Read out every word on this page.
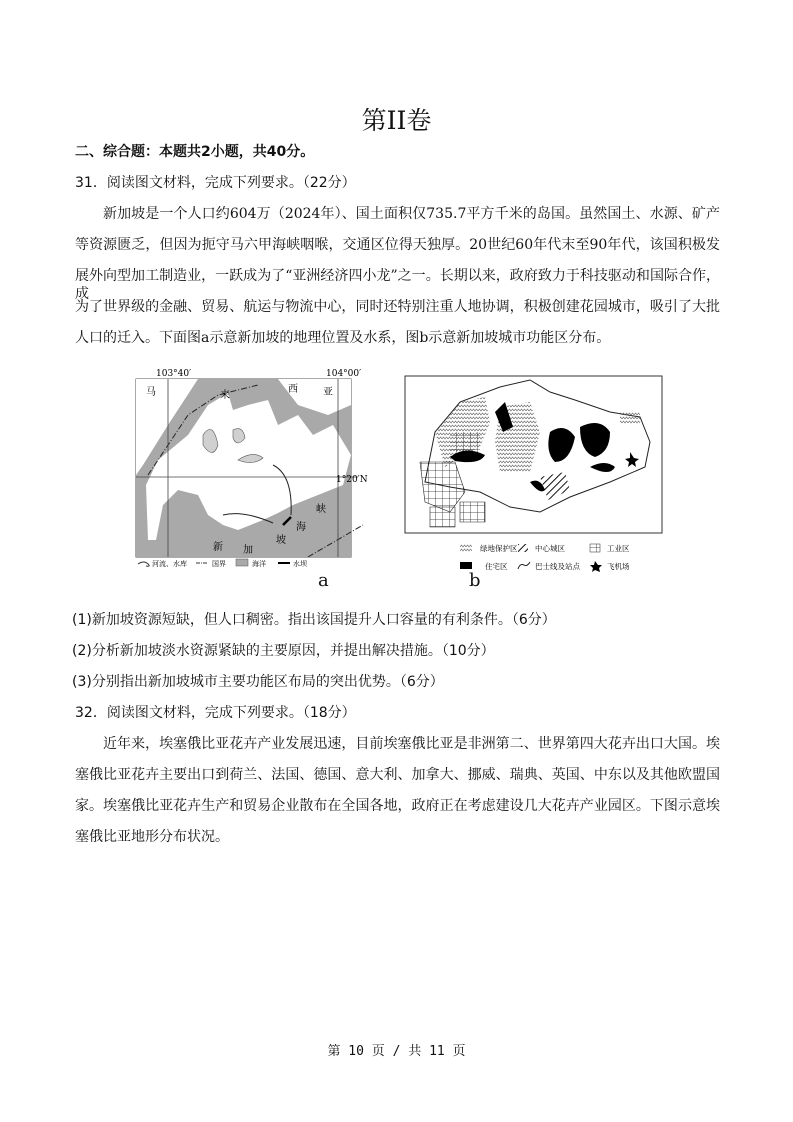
第II卷
二、综合题：本题共2小题，共40分。
31．阅读图文材料，完成下列要求。（22分）
新加坡是一个人口约604万（2024年）、国土面积仅735.7平方千米的岛国。虽然国土、水源、矿产
等资源匮乏，但因为扼守马六甲海峡咽喉，交通区位得天独厚。20世纪60年代末至90年代，该国积极发
展外向型加工制造业，一跃成为了“亚洲经济四小龙”之一。长期以来，政府致力于科技驱动和国际合作，成
为了世界级的金融、贸易、航运与物流中心，同时还特别注重人地协调，积极创建花园城市，吸引了大批
人口的迁入。下面图a示意新加坡的地理位置及水系，图b示意新加坡城市功能区分布。
103°40′	104°00′
1°20′N
马	来
西	亚
新 加
坡
海
峡
河流、水库	国界	海洋	水坝
a
绿地保护区 中心城区	工业区
住宅区	巴士线及站点	飞机场
b
(1)新加坡资源短缺，但人口稠密。指出该国提升人口容量的有利条件。（6分）
(2)分析新加坡淡水资源紧缺的主要原因，并提出解决措施。（10分）
(3)分别指出新加坡城市主要功能区布局的突出优势。（6分）
32．阅读图文材料，完成下列要求。（18分）
近年来，埃塞俄比亚花卉产业发展迅速，目前埃塞俄比亚是非洲第二、世界第四大花卉出口大国。埃
塞俄比亚花卉主要出口到荷兰、法国、德国、意大利、加拿大、挪威、瑞典、英国、中东以及其他欧盟国
家。埃塞俄比亚花卉生产和贸易企业散布在全国各地，政府正在考虑建设几大花卉产业园区。下图示意埃
塞俄比亚地形分布状况。
第 10 页 / 共 11 页
